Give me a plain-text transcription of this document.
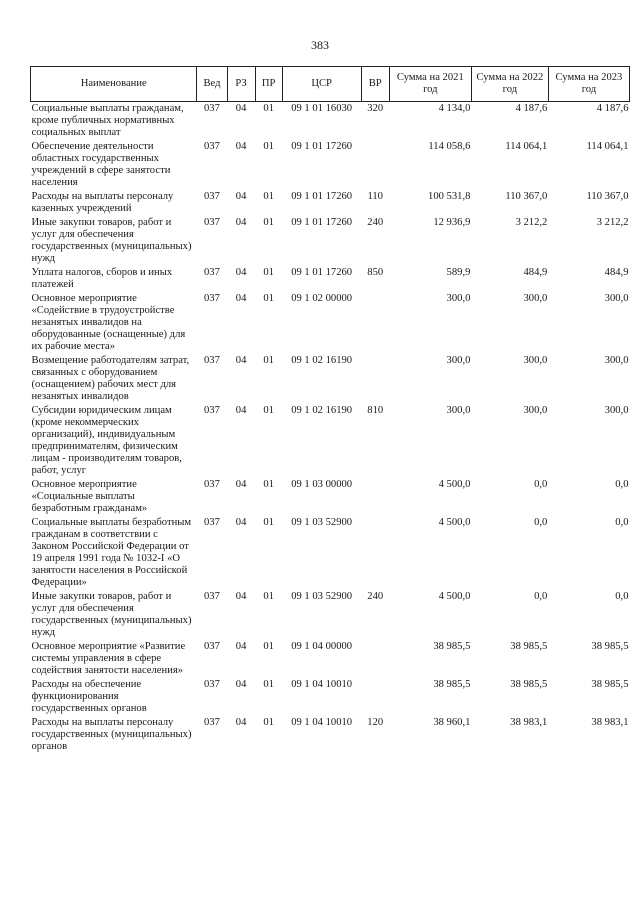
383
Наименование	Вед	РЗ	ПР	ЦСР	ВР	Сумма на 2021 год	Сумма на 2022 год	Сумма на 2023 год
Социальные выплаты гражданам, кроме публичных нормативных социальных выплат	037	04	01	09 1 01 16030	320	4 134,0	4 187,6	4 187,6
Обеспечение деятельности областных государственных учреждений в сфере занятости населения	037	04	01	09 1 01 17260		114 058,6	114 064,1	114 064,1
Расходы на выплаты персоналу казенных учреждений	037	04	01	09 1 01 17260	110	100 531,8	110 367,0	110 367,0
Иные закупки товаров, работ и услуг для обеспечения государственных (муниципальных) нужд	037	04	01	09 1 01 17260	240	12 936,9	3 212,2	3 212,2
Уплата налогов, сборов и иных платежей	037	04	01	09 1 01 17260	850	589,9	484,9	484,9
Основное мероприятие «Содействие в трудоустройстве незанятых инвалидов на оборудованные (оснащенные) для их рабочие места»	037	04	01	09 1 02 00000		300,0	300,0	300,0
Возмещение работодателям затрат, связанных с оборудованием (оснащением) рабочих мест для незанятых инвалидов	037	04	01	09 1 02 16190		300,0	300,0	300,0
Субсидии юридическим лицам (кроме некоммерческих организаций), индивидуальным предпринимателям, физическим лицам - производителям товаров, работ, услуг	037	04	01	09 1 02 16190	810	300,0	300,0	300,0
Основное мероприятие «Социальные выплаты безработным гражданам»	037	04	01	09 1 03 00000		4 500,0	0,0	0,0
Социальные выплаты безработным гражданам в соответствии с Законом Российской Федерации от 19 апреля 1991 года № 1032-I «О занятости населения в Российской Федерации»	037	04	01	09 1 03 52900		4 500,0	0,0	0,0
Иные закупки товаров, работ и услуг для обеспечения государственных (муниципальных) нужд	037	04	01	09 1 03 52900	240	4 500,0	0,0	0,0
Основное мероприятие «Развитие системы управления в сфере содействия занятости населения»	037	04	01	09 1 04 00000		38 985,5	38 985,5	38 985,5
Расходы на обеспечение функционирования государственных органов	037	04	01	09 1 04 10010		38 985,5	38 985,5	38 985,5
Расходы на выплаты персоналу государственных (муниципальных) органов	037	04	01	09 1 04 10010	120	38 960,1	38 983,1	38 983,1
